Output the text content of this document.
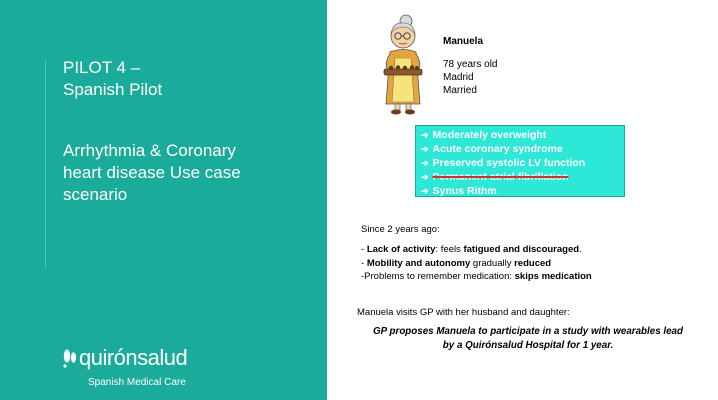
PILOT 4 –
Spanish Pilot
Arrhythmia & Coronary
heart disease Use case
scenario
quirónsalud
Spanish Medical Care
Manuela
78 years old
Madrid
Married
➔ Moderately overweight
➔ Acute coronary syndrome
➔ Preserved systolic LV function
➔ Permanent atrial fibrillation
➔ Synus Rithm
Since 2 years ago:
- Lack of activity: feels fatigued and discouraged.
- Mobility and autonomy gradually reduced
-Problems to remember medication: skips medication
Manuela visits GP with her husband and daughter:
GP proposes Manuela to participate in a study with wearables lead
by a Quirónsalud Hospital for 1 year.
